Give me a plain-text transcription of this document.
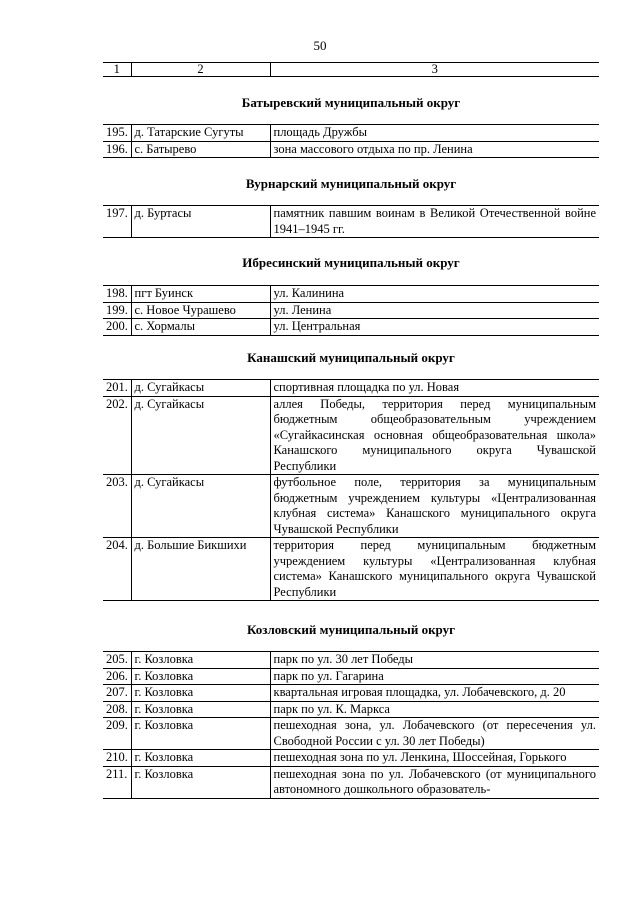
50
1	2	3
Батыревский муниципальный округ
195.	д. Татарские Сугуты	площадь Дружбы
196.	с. Батырево	зона массового отдыха по пр. Ленина
Вурнарский муниципальный округ
197.	д. Буртасы	памятник павшим воинам в Великой Отечественной войне 1941–1945 гг.
Ибресинский муниципальный округ
198.	пгт Буинск	ул. Калинина
199.	с. Новое Чурашево	ул. Ленина
200.	с. Хормалы	ул. Центральная
Канашский муниципальный округ
201.	д. Сугайкасы	спортивная площадка по ул. Новая
202.	д. Сугайкасы	аллея Победы, территория перед муниципальным бюджетным общеобразовательным учреждением «Сугайкасинская основная общеобразовательная школа» Канашского муниципального округа Чувашской Республики
203.	д. Сугайкасы	футбольное поле, территория за муниципальным бюджетным учреждением культуры «Централизованная клубная система» Канашского муниципального округа Чувашской Республики
204.	д. Большие Бикшихи	территория перед муниципальным бюджетным учреждением культуры «Централизованная клубная система» Канашского муниципального округа Чувашской Республики
Козловский муниципальный округ
205.	г. Козловка	парк по ул. 30 лет Победы
206.	г. Козловка	парк по ул. Гагарина
207.	г. Козловка	квартальная игровая площадка, ул. Лобачевского, д. 20
208.	г. Козловка	парк по ул. К. Маркса
209.	г. Козловка	пешеходная зона, ул. Лобачевского (от пересечения ул. Свободной России с ул. 30 лет Победы)
210.	г. Козловка	пешеходная зона по ул. Ленкина, Шоссейная, Горького
211.	г. Козловка	пешеходная зона по ул. Лобачевского (от муниципального автономного дошкольного образователь-
